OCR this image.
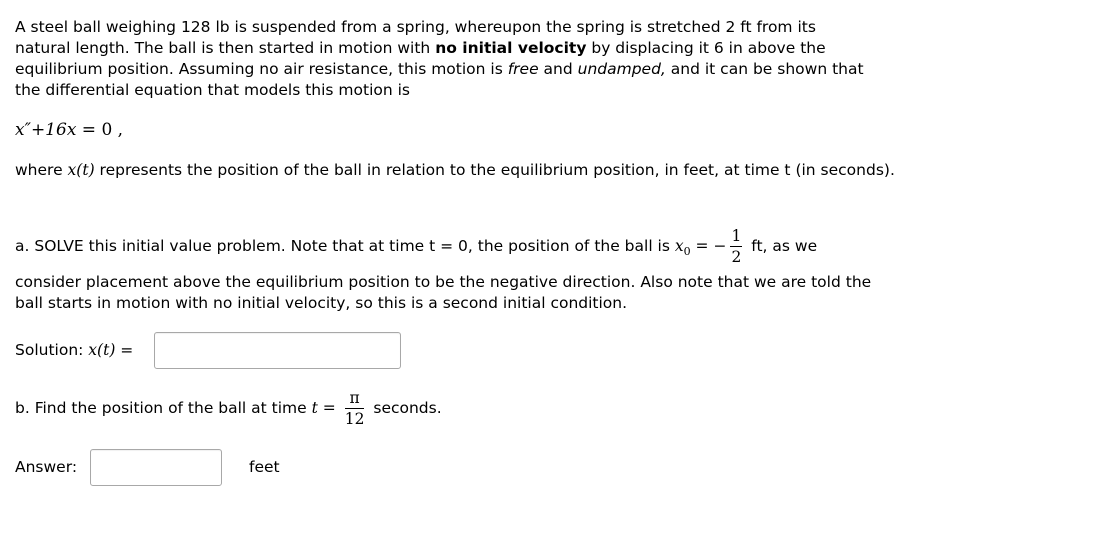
A steel ball weighing 128 lb is suspended from a spring, whereupon the spring is stretched 2 ft from its natural length. The ball is then started in motion with no initial velocity by displacing it 6 in above the equilibrium position. Assuming no air resistance, this motion is free and undamped, and it can be shown that the differential equation that models this motion is
x″+16x = 0 ,
where x(t) represents the position of the ball in relation to the equilibrium position, in feet, at time t (in seconds).
a. SOLVE this initial value problem. Note that at time t = 0, the position of the ball is $x_0$ = − $\frac{1}{2}$ ft, as we
consider placement above the equilibrium position to be the negative direction. Also note that we are told the ball starts in motion with no initial velocity, so this is a second initial condition.
Solution: x(t) =
b. Find the position of the ball at time $t = \frac{\pi}{12}$ seconds.
Answer:	feet
